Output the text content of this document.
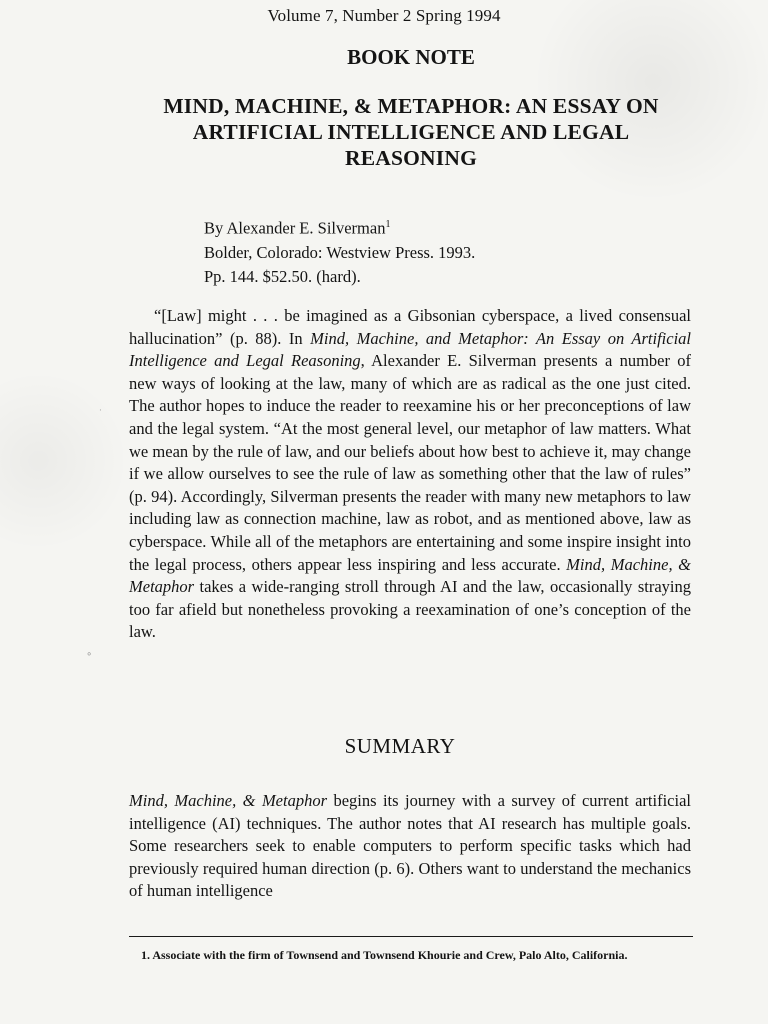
Volume 7, Number 2 Spring 1994
BOOK NOTE
MIND, MACHINE, & METAPHOR: AN ESSAY ON ARTIFICIAL INTELLIGENCE AND LEGAL REASONING
By Alexander E. Silverman$^1$
Bolder, Colorado: Westview Press. 1993.
Pp. 144. $52.50. (hard).
“[Law] might . . . be imagined as a Gibsonian cyberspace, a lived consensual hallucination” (p. 88). In Mind, Machine, and Metaphor: An Essay on Artificial Intelligence and Legal Reasoning, Alexander E. Silverman presents a number of new ways of looking at the law, many of which are as radical as the one just cited. The author hopes to induce the reader to reexamine his or her preconceptions of law and the legal system. “At the most general level, our metaphor of law matters. What we mean by the rule of law, and our beliefs about how best to achieve it, may change if we allow ourselves to see the rule of law as something other that the law of rules” (p. 94). Accordingly, Silverman presents the reader with many new metaphors to law including law as connection machine, law as robot, and as mentioned above, law as cyberspace. While all of the metaphors are entertaining and some inspire insight into the legal process, others appear less inspiring and less accurate. Mind, Machine, & Metaphor takes a wide-ranging stroll through AI and the law, occasionally straying too far afield but nonetheless provoking a reexamination of one’s conception of the law.
SUMMARY
Mind, Machine, & Metaphor begins its journey with a survey of current artificial intelligence (AI) techniques. The author notes that AI research has multiple goals. Some researchers seek to enable computers to perform specific tasks which had previously required human direction (p. 6). Others want to understand the mechanics of human intelligence
1. Associate with the firm of Townsend and Townsend Khourie and Crew, Palo Alto, California.
∘
·
